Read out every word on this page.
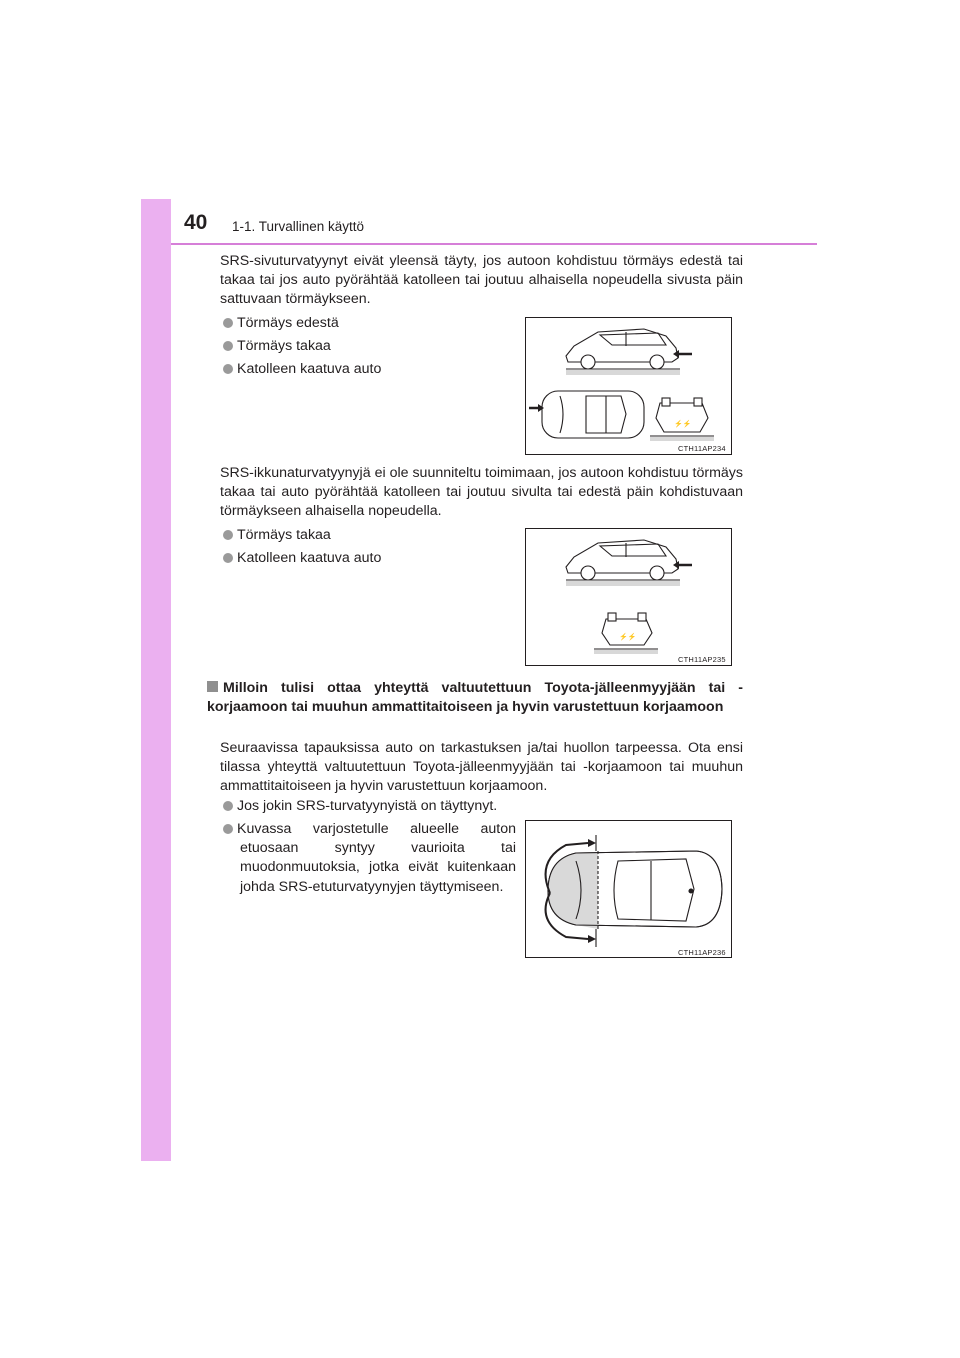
40 1-1. Turvallinen käyttö
SRS-sivuturvatyynyt eivät yleensä täyty, jos autoon kohdistuu törmäys edestä tai takaa tai jos auto pyörähtää katolleen tai joutuu alhaisella nopeudella sivusta päin sattuvaan törmäykseen.
Törmäys edestä
Törmäys takaa
Katolleen kaatuva auto
⚡⚡
CTH11AP234
SRS-ikkunaturvatyynyjä ei ole suunniteltu toimimaan, jos autoon kohdistuu törmäys takaa tai auto pyörähtää katolleen tai joutuu sivulta tai edestä päin kohdistuvaan törmäykseen alhaisella nopeudella.
Törmäys takaa
Katolleen kaatuva auto
⚡⚡
CTH11AP235
Milloin tulisi ottaa yhteyttä valtuutettuun Toyota-jälleenmyyjään tai -korjaamoon tai muuhun ammattitaitoiseen ja hyvin varustettuun korjaamoon
Seuraavissa tapauksissa auto on tarkastuksen ja/tai huollon tarpeessa. Ota ensi tilassa yhteyttä valtuutettuun Toyota-jälleenmyyjään tai -korjaamoon tai muuhun ammattitaitoiseen ja hyvin varustettuun korjaamoon.
Jos jokin SRS-turvatyynyistä on täyttynyt.
Kuvassa varjostetulle alueelle auton etuosaan syntyy vaurioita tai muodonmuutoksia, jotka eivät kuitenkaan johda SRS-etuturvatyynyjen täyttymiseen.
CTH11AP236
